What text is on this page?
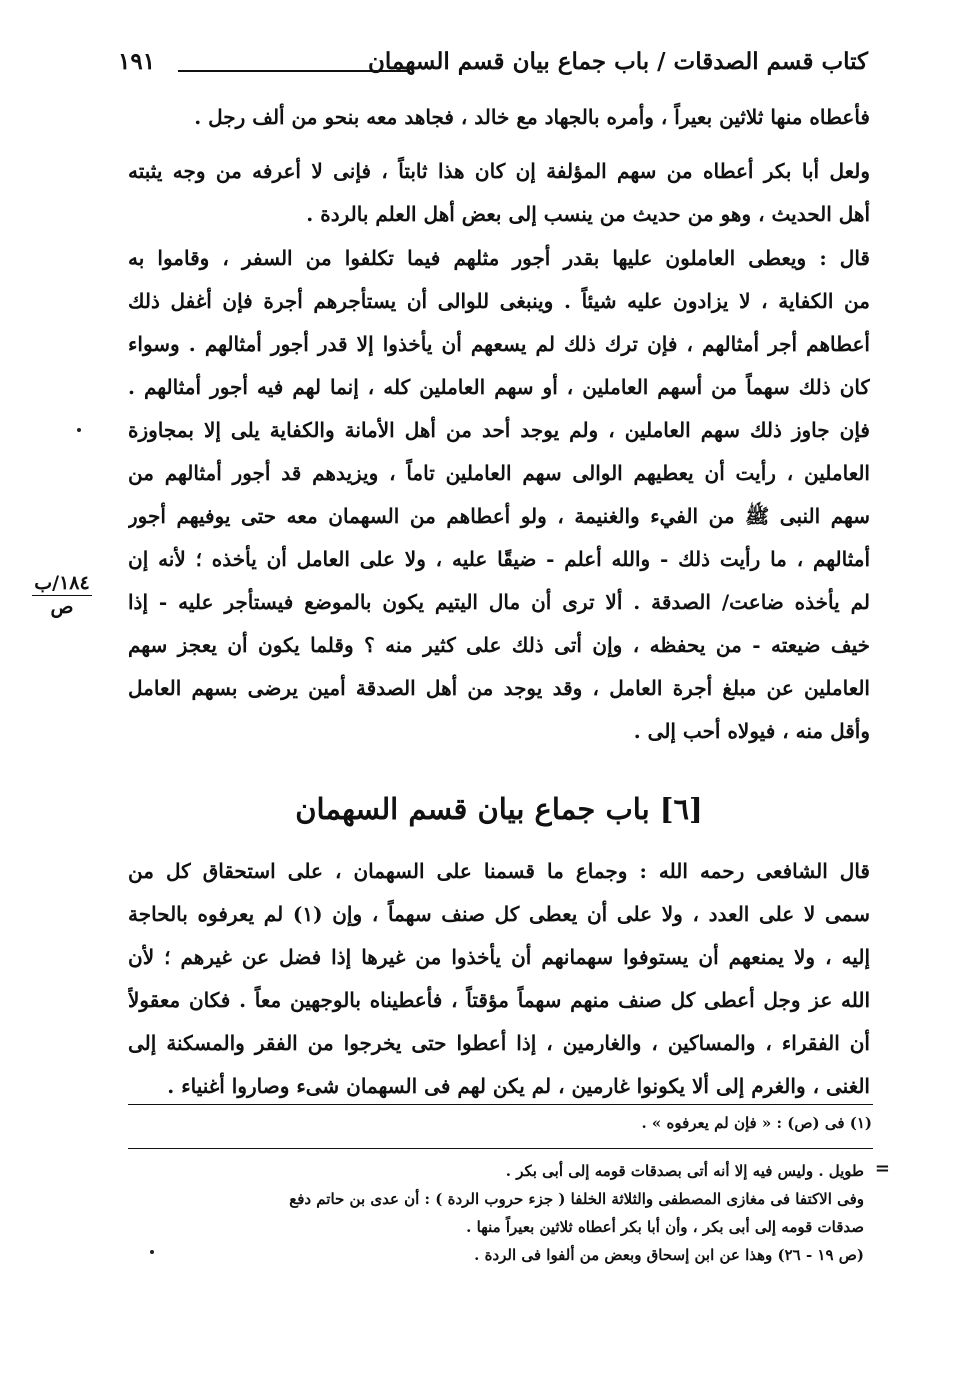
كتاب قسم الصدقات / باب جماع بيان قسم السهمان
١٩١
فأعطاه منها ثلاثين بعيراً ، وأمره بالجهاد مع خالد ، فجاهد معه بنحو من ألف رجل .
ولعل أبا بكر أعطاه من سهم المؤلفة إن كان هذا ثابتاً ، فإنى لا أعرفه من وجه يثبته
أهل الحديث ، وهو من حديث من ينسب إلى بعض أهل العلم بالردة .
قال : ويعطى العاملون عليها بقدر أجور مثلهم فيما تكلفوا من السفر ، وقاموا به
من الكفاية ، لا يزادون عليه شيئاً . وينبغى للوالى أن يستأجرهم أجرة فإن أغفل ذلك
أعطاهم أجر أمثالهم ، فإن ترك ذلك لم يسعهم أن يأخذوا إلا قدر أجور أمثالهم . وسواء
كان ذلك سهماً من أسهم العاملين ، أو سهم العاملين كله ، إنما لهم فيه أجور أمثالهم .
فإن جاوز ذلك سهم العاملين ، ولم يوجد أحد من أهل الأمانة والكفاية يلى إلا بمجاوزة
العاملين ، رأيت أن يعطيهم الوالى سهم العاملين تاماً ، ويزيدهم قد أجور أمثالهم من
سهم النبى ﷺ من الفيء والغنيمة ، ولو أعطاهم من السهمان معه حتى يوفيهم أجور
أمثالهم ، ما رأيت ذلك - والله أعلم - ضيقًا عليه ، ولا على العامل أن يأخذه ؛ لأنه إن
لم يأخذه ضاعت/ الصدقة . ألا ترى أن مال اليتيم يكون بالموضع فيستأجر عليه - إذا
خيف ضيعته - من يحفظه ، وإن أتى ذلك على كثير منه ؟ وقلما يكون أن يعجز سهم
العاملين عن مبلغ أجرة العامل ، وقد يوجد من أهل الصدقة أمين يرضى بسهم العامل
وأقل منه ، فيولاه أحب إلى .
١٨٤/ب
ص
[٦] باب جماع بيان قسم السهمان
قال الشافعى رحمه الله : وجماع ما قسمنا على السهمان ، على استحقاق كل من
سمى لا على العدد ، ولا على أن يعطى كل صنف سهماً ، وإن (١) لم يعرفوه بالحاجة
إليه ، ولا يمنعهم أن يستوفوا سهمانهم أن يأخذوا من غيرها إذا فضل عن غيرهم ؛ لأن
الله عز وجل أعطى كل صنف منهم سهماً مؤقتاً ، فأعطيناه بالوجهين معاً . فكان معقولاً
أن الفقراء ، والمساكين ، والغارمين ، إذا أعطوا حتى يخرجوا من الفقر والمسكنة إلى
الغنى ، والغرم إلى ألا يكونوا غارمين ، لم يكن لهم فى السهمان شىء وصاروا أغنياء .
(١) فى (ص) : « فإن لم يعرفوه » .
=
طويل . وليس فيه إلا أنه أتى بصدقات قومه إلى أبى بكر .
وفى الاكتفا فى مغازى المصطفى والثلاثة الخلفا ( جزء حروب الردة ) : أن عدى بن حاتم دفع
صدقات قومه إلى أبى بكر ، وأن أبا بكر أعطاه ثلاثين بعيراً منها .
(ص ١٩ - ٢٦) وهذا عن ابن إسحاق وبعض من ألفوا فى الردة .
